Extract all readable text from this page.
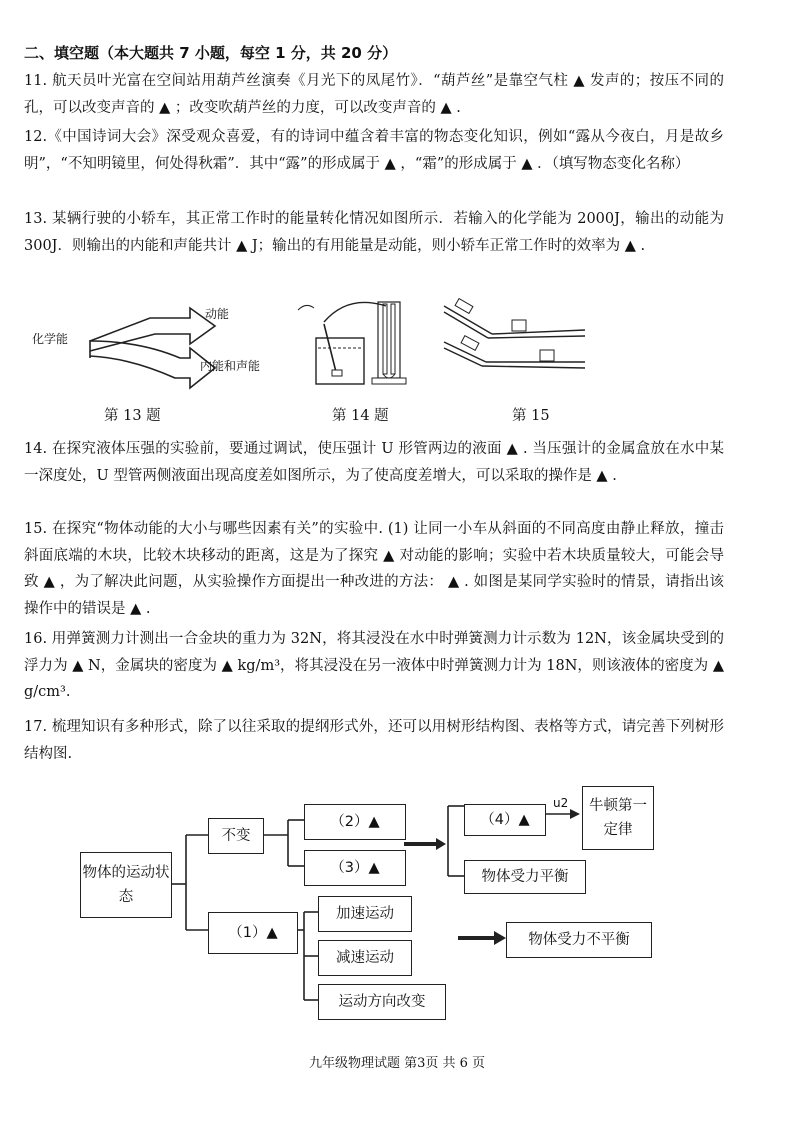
二、填空题（本大题共 7 小题，每空 1 分，共 20 分）
11. 航天员叶光富在空间站用葫芦丝演奏《月光下的凤尾竹》．“葫芦丝”是靠空气柱 ▲ 发声的；按压不同的孔，可以改变声音的 ▲ ；改变吹葫芦丝的力度，可以改变声音的 ▲ .
12.《中国诗词大会》深受观众喜爱，有的诗词中蕴含着丰富的物态变化知识，例如“露从今夜白，月是故乡明”，“不知明镜里，何处得秋霜”．其中“露”的形成属于 ▲ ，“霜”的形成属于 ▲ ．（填写物态变化名称）
13. 某辆行驶的小轿车，其正常工作时的能量转化情况如图所示．若输入的化学能为 2000J，输出的动能为 300J．则输出的内能和声能共计 ▲ J；输出的有用能量是动能，则小轿车正常工作时的效率为 ▲ .
化学能
动能
内能和声能
第 13 题	第 14 题	第 15
14. 在探究液体压强的实验前，要通过调试，使压强计 U 形管两边的液面 ▲ . 当压强计的金属盒放在水中某一深度处，U 型管两侧液面出现高度差如图所示，为了使高度差增大，可以采取的操作是 ▲ .
15. 在探究“物体动能的大小与哪些因素有关”的实验中. (1) 让同一小车从斜面的不同高度由静止释放，撞击斜面底端的木块，比较木块移动的距离，这是为了探究 ▲ 对动能的影响；实验中若木块质量较大，可能会导致 ▲ ，为了解决此问题，从实验操作方面提出一种改进的方法： ▲ . 如图是某同学实验时的情景，请指出该操作中的错误是 ▲ .
16. 用弹簧测力计测出一合金块的重力为 32N，将其浸没在水中时弹簧测力计示数为 12N，该金属块受到的浮力为 ▲ N，金属块的密度为 ▲ kg/m³，将其浸没在另一液体中时弹簧测力计为 18N，则该液体的密度为 ▲ g/cm³.
17. 梳理知识有多种形式，除了以往采取的提纲形式外，还可以用树形结构图、表格等方式，请完善下列树形结构图.
物体的运动状态
不变
（2）▲
（3）▲
（4）▲
u2	牛顿第一定律
物体受力平衡
（1）▲
加速运动
减速运动
运动方向改变
物体受力不平衡
九年级物理试题 第3页 共 6 页
